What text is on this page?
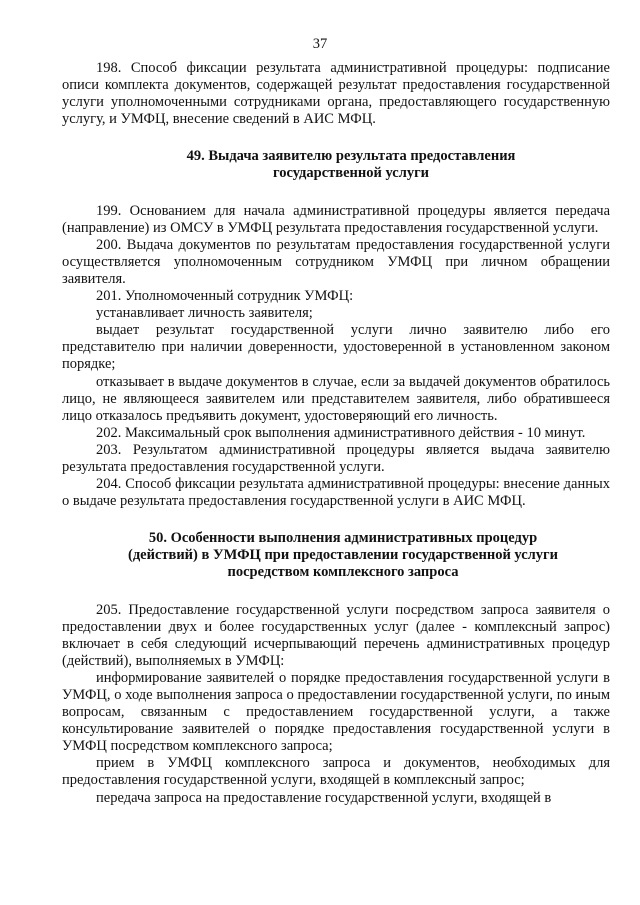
37

198. Способ фиксации результата административной процедуры: подписание описи комплекта документов, содержащей результат предоставления государственной услуги уполномоченными сотрудниками органа, предоставляющего государственную услугу, и УМФЦ, внесение сведений в АИС МФЦ.

49. Выдача заявителю результата предоставления
государственной услуги

199. Основанием для начала административной процедуры является передача (направление) из ОМСУ в УМФЦ результата предоставления государственной услуги.

200. Выдача документов по результатам предоставления государственной услуги осуществляется уполномоченным сотрудником УМФЦ при личном обращении заявителя.

201. Уполномоченный сотрудник УМФЦ:

устанавливает личность заявителя;

выдает результат государственной услуги лично заявителю либо его представителю при наличии доверенности, удостоверенной в установленном законом порядке;

отказывает в выдаче документов в случае, если за выдачей документов обратилось лицо, не являющееся заявителем или представителем заявителя, либо обратившееся лицо отказалось предъявить документ, удостоверяющий его личность.

202. Максимальный срок выполнения административного действия - 10 минут.

203. Результатом административной процедуры является выдача заявителю результата предоставления государственной услуги.

204. Способ фиксации результата административной процедуры: внесение данных о выдаче результата предоставления государственной услуги в АИС МФЦ.

50. Особенности выполнения административных процедур
(действий) в УМФЦ при предоставлении государственной услуги
посредством комплексного запроса

205. Предоставление государственной услуги посредством запроса заявителя о предоставлении двух и более государственных услуг (далее - комплексный запрос) включает в себя следующий исчерпывающий перечень административных процедур (действий), выполняемых в УМФЦ:

информирование заявителей о порядке предоставления государственной услуги в УМФЦ, о ходе выполнения запроса о предоставлении государственной услуги, по иным вопросам, связанным с предоставлением государственной услуги, а также консультирование заявителей о порядке предоставления государственной услуги в УМФЦ посредством комплексного запроса;

прием в УМФЦ комплексного запроса и документов, необходимых для предоставления государственной услуги, входящей в комплексный запрос;

передача запроса на предоставление государственной услуги, входящей в
